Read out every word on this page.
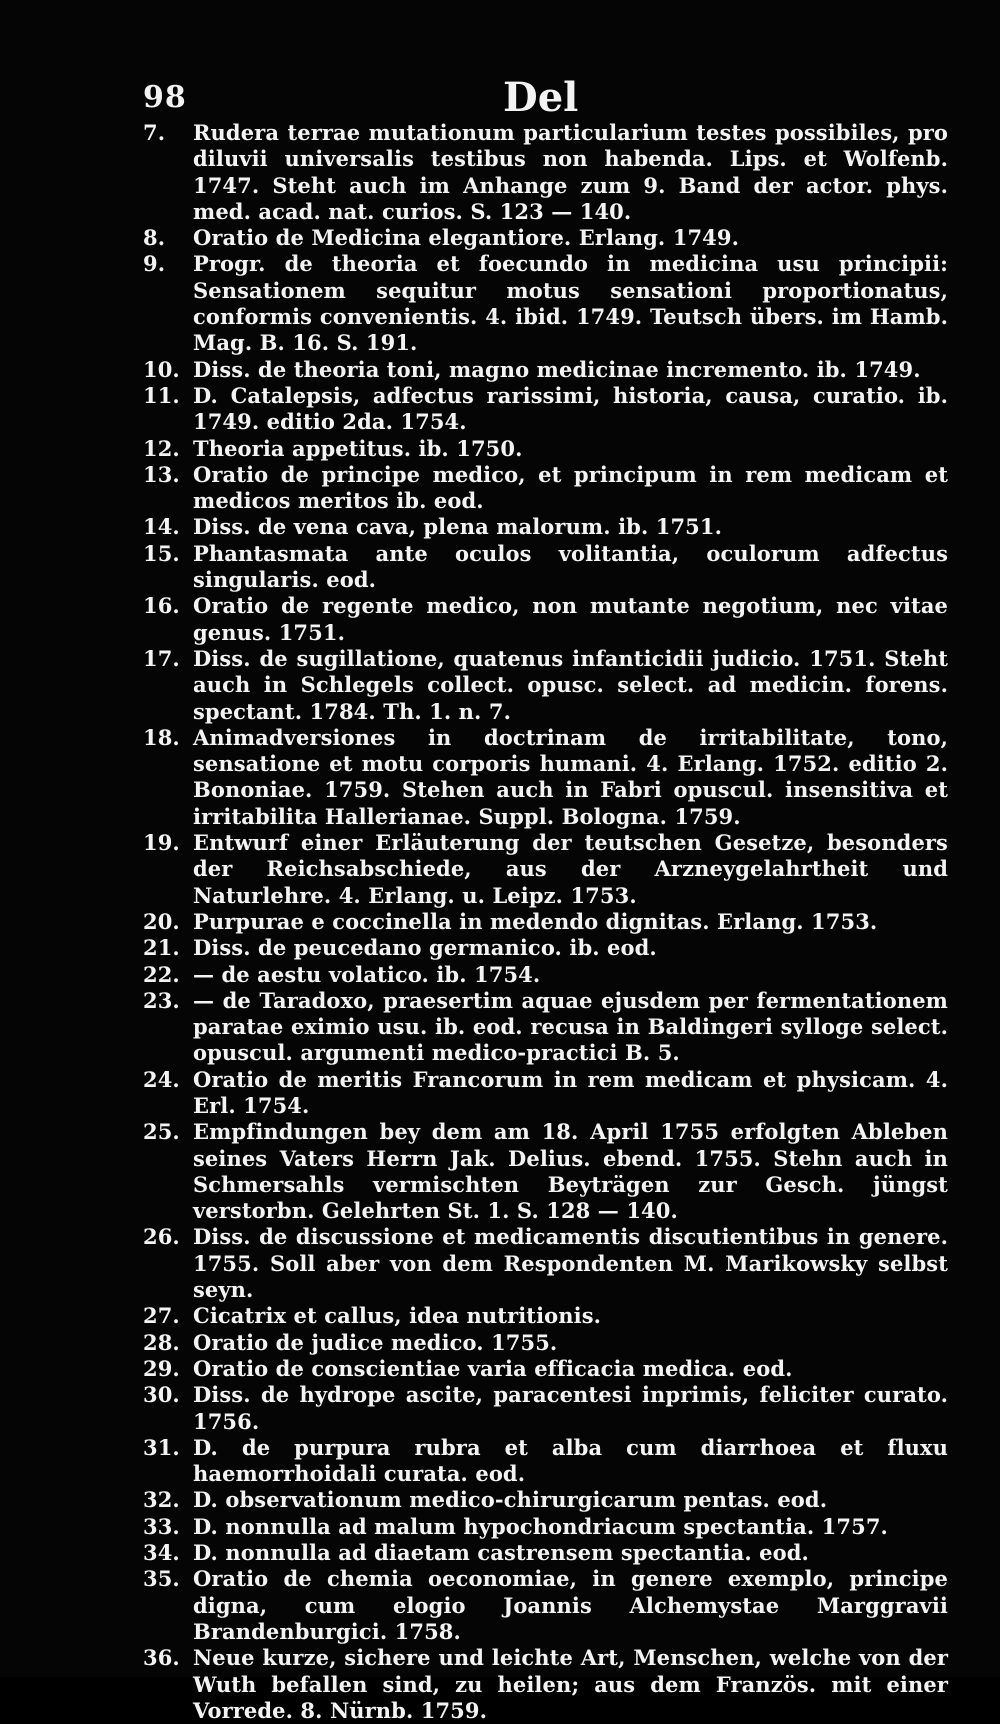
98	Del
7.	Rudera terrae mutationum particularium testes possibiles, pro diluvii universalis testibus non habenda. Lips. et Wolfenb. 1747. Steht auch im Anhange zum 9. Band der actor. phys. med. acad. nat. curios. S. 123 — 140.
8.	Oratio de Medicina elegantiore. Erlang. 1749.
9.	Progr. de theoria et foecundo in medicina usu principii: Sensationem sequitur motus sensationi proportionatus, conformis convenientis. 4. ibid. 1749. Teutsch übers. im Hamb. Mag. B. 16. S. 191.
10. Diss. de theoria toni, magno medicinae incremento. ib. 1749.
11. D. Catalepsis, adfectus rarissimi, historia, causa, curatio. ib. 1749. editio 2da. 1754.
12. Theoria appetitus. ib. 1750.
13. Oratio de principe medico, et principum in rem medicam et medicos meritos ib. eod.
14. Diss. de vena cava, plena malorum. ib. 1751.
15. Phantasmata ante oculos volitantia, oculorum adfectus singularis. eod.
16. Oratio de regente medico, non mutante negotium, nec vitae genus. 1751.
17. Diss. de sugillatione, quatenus infanticidii judicio. 1751. Steht auch in Schlegels collect. opusc. select. ad medicin. forens. spectant. 1784. Th. 1. n. 7.
18. Animadversiones in doctrinam de irritabilitate, tono, sensatione et motu corporis humani. 4. Erlang. 1752. editio 2. Bononiae. 1759. Stehen auch in Fabri opuscul. insensitiva et irritabilita Hallerianae. Suppl. Bologna. 1759.
19. Entwurf einer Erläuterung der teutschen Gesetze, besonders der Reichsabschiede, aus der Arzneygelahrtheit und Naturlehre. 4. Erlang. u. Leipz. 1753.
20. Purpurae e coccinella in medendo dignitas. Erlang. 1753.
21. Diss. de peucedano germanico. ib. eod.
22. — de aestu volatico. ib. 1754.
23. — de Taradoxo, praesertim aquae ejusdem per fermentationem paratae eximio usu. ib. eod. recusa in Baldingeri sylloge select. opuscul. argumenti medico-practici B. 5.
24. Oratio de meritis Francorum in rem medicam et physicam. 4. Erl. 1754.
25. Empfindungen bey dem am 18. April 1755 erfolgten Ableben seines Vaters Herrn Jak. Delius. ebend. 1755. Stehn auch in Schmersahls vermischten Beyträgen zur Gesch. jüngst verstorbn. Gelehrten St. 1. S. 128 — 140.
26. Diss. de discussione et medicamentis discutientibus in genere. 1755. Soll aber von dem Respondenten M. Marikowsky selbst seyn.
27. Cicatrix et callus, idea nutritionis.
28. Oratio de judice medico. 1755.
29. Oratio de conscientiae varia efficacia medica. eod.
30. Diss. de hydrope ascite, paracentesi inprimis, feliciter curato. 1756.
31. D. de purpura rubra et alba cum diarrhoea et fluxu haemorrhoidali curata. eod.
32. D. observationum medico-chirurgicarum pentas. eod.
33. D. nonnulla ad malum hypochondriacum spectantia. 1757.
34. D. nonnulla ad diaetam castrensem spectantia. eod.
35. Oratio de chemia oeconomiae, in genere exemplo, principe digna, cum elogio Joannis Alchemystae Marggravii Brandenburgici. 1758.
36. Neue kurze, sichere und leichte Art, Menschen, welche von der Wuth befallen sind, zu heilen; aus dem Französ. mit einer Vorrede. 8. Nürnb. 1759.
